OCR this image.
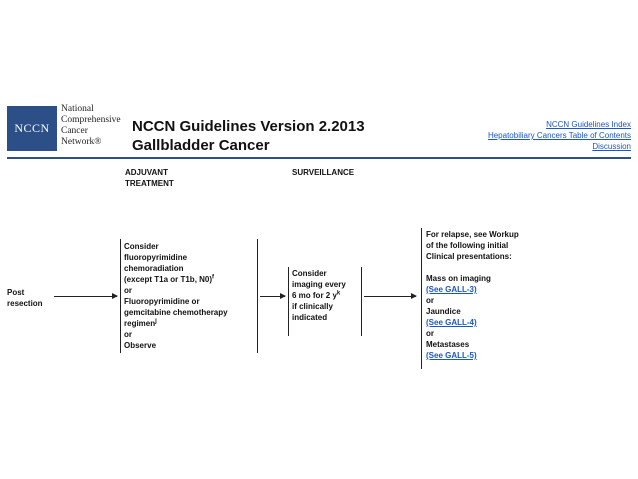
NCCN
National
Comprehensive
Cancer
Network®
NCCN Guidelines Version 2.2013
Gallbladder Cancer
NCCN Guidelines Index
Hepatobiliary Cancers Table of Contents
Discussion
ADJUVANT
TREATMENT
SURVEILLANCE
Post
resection
Consider
fluoropyrimidine
chemoradiation
(except T1a or T1b, N0)$^f$
or
Fluoropyrimidine or
gemcitabine chemotherapy
regimen$^j$
or
Observe
Consider
imaging every
6 mo for 2 $y^k$
if clinically
indicated
For relapse, see Workup
of the following initial
Clinical presentations:
Mass on imaging
(See GALL-3)
or
Jaundice
(See GALL-4)
or
Metastases
(See GALL-5)
